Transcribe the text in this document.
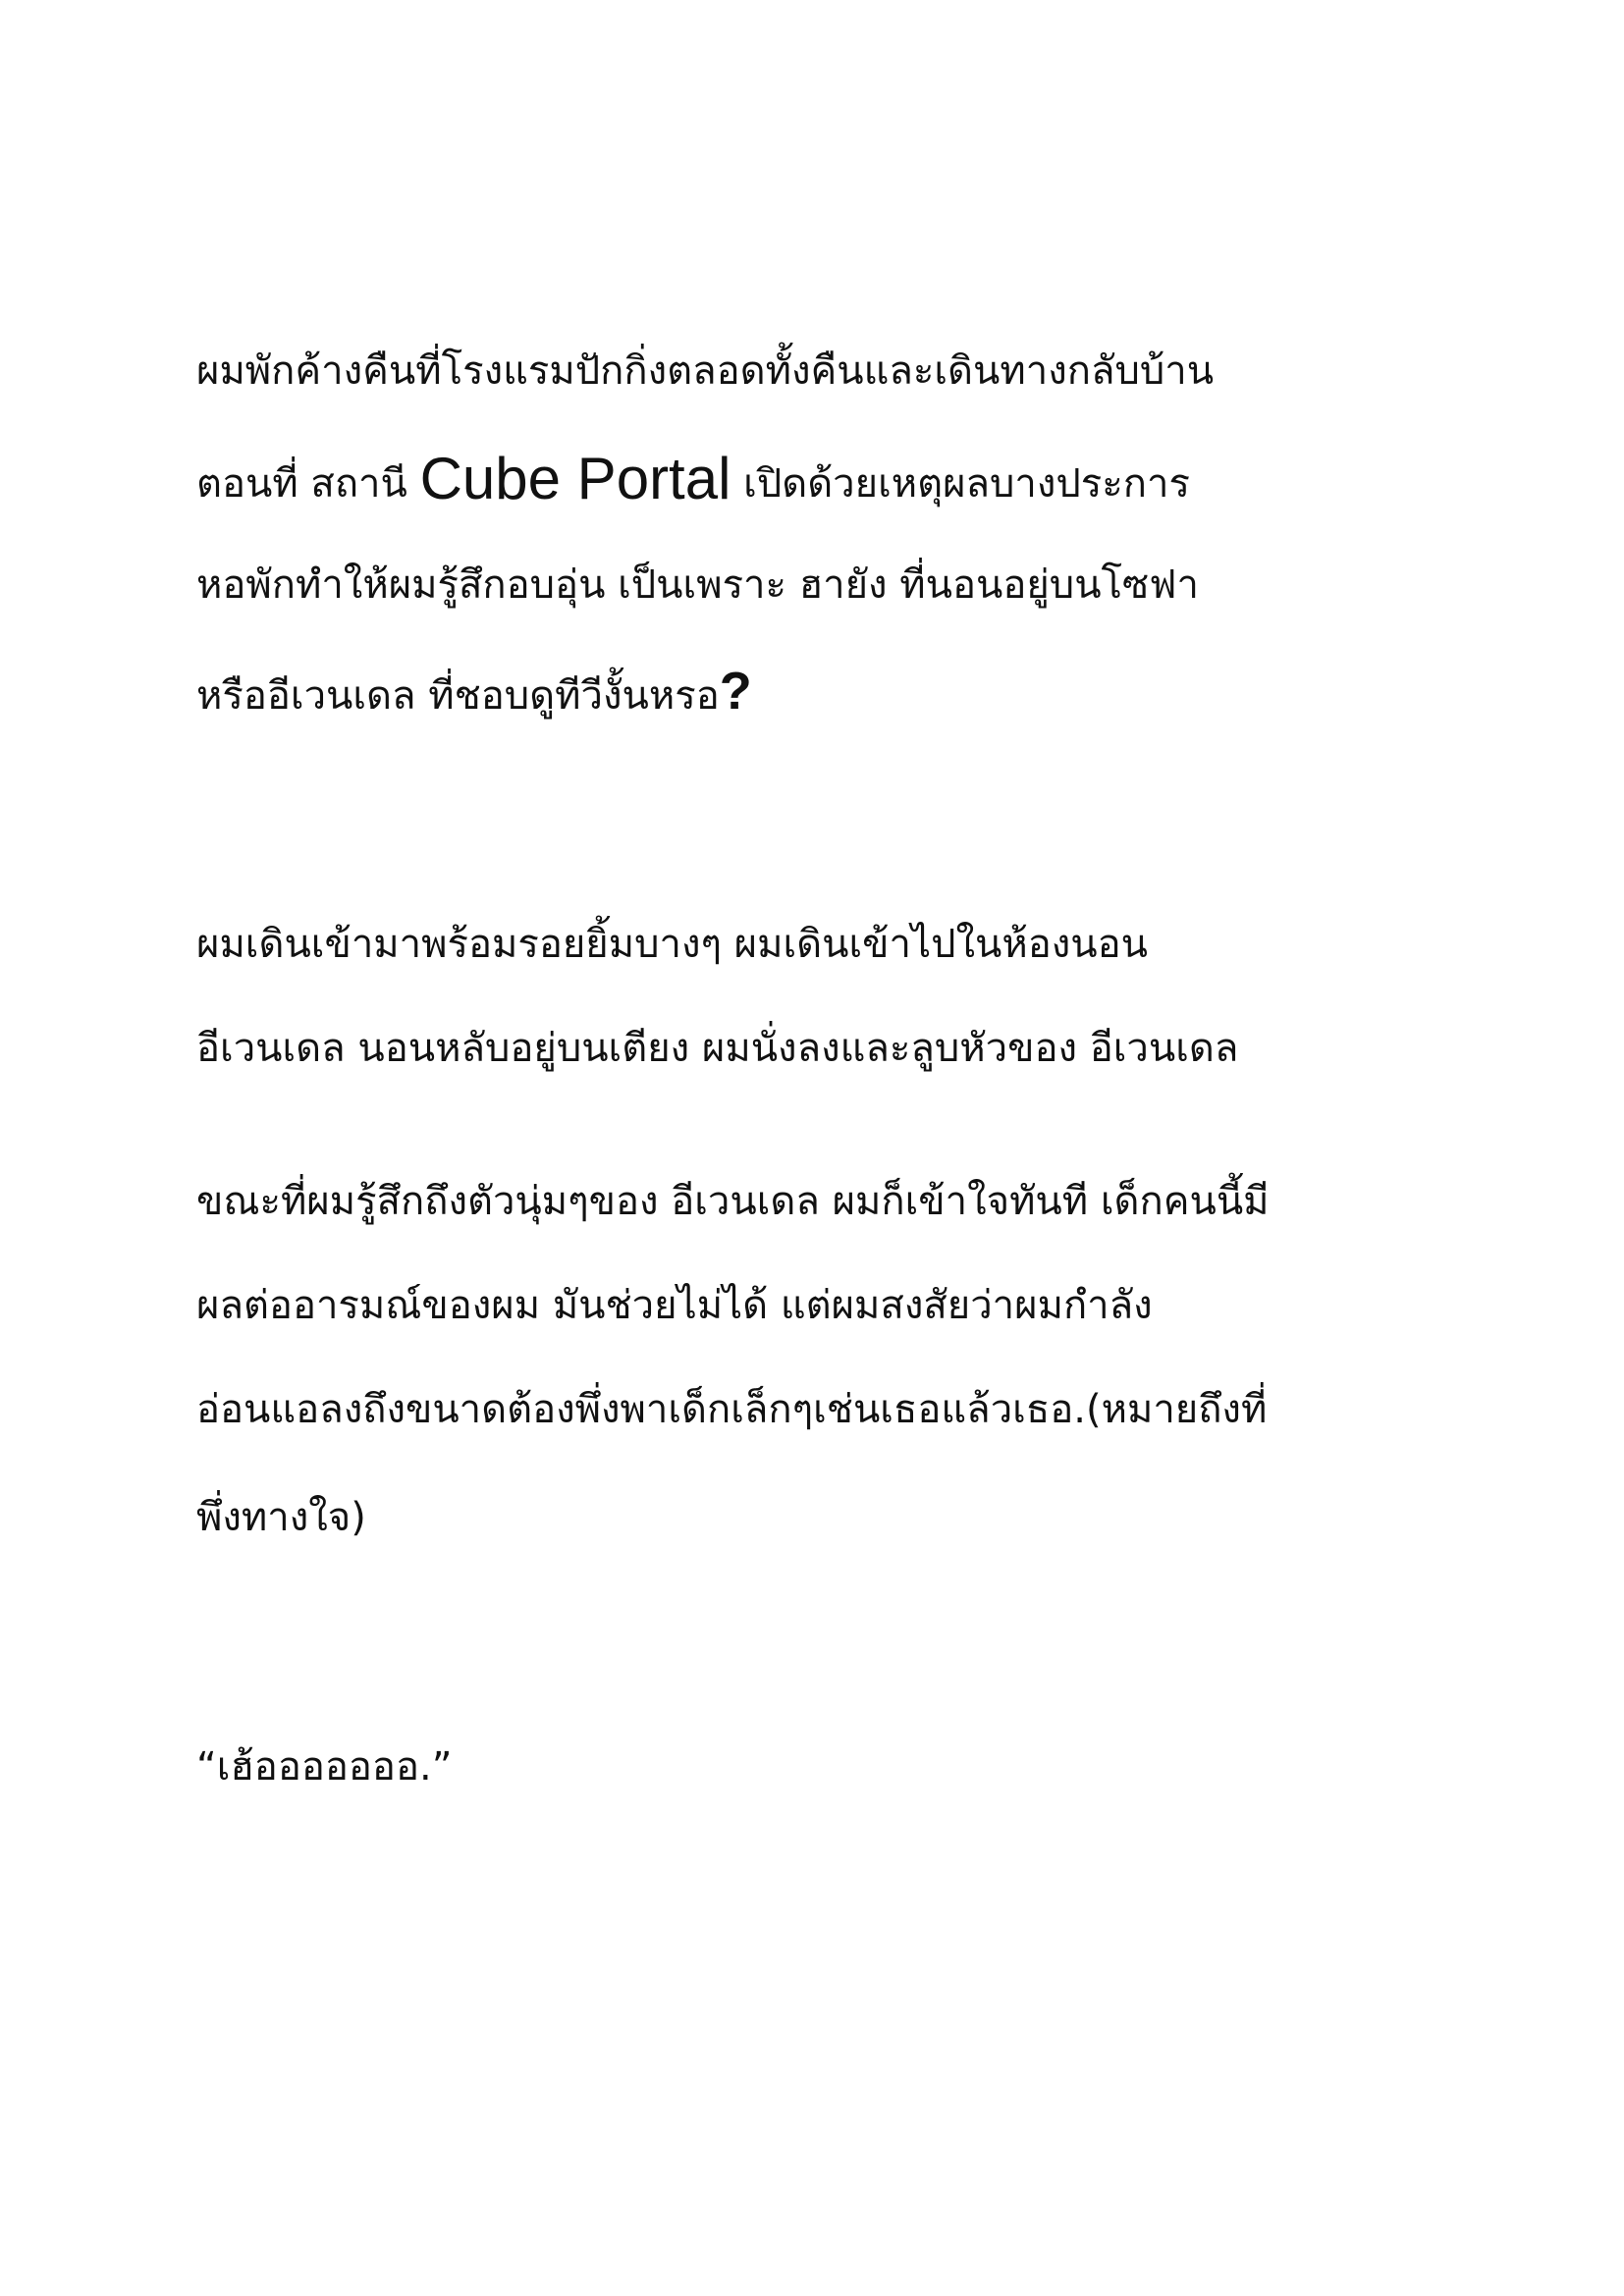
ผมพักค้างคืนที่โรงแรมปักกิ่งตลอดทั้งคืนและเดินทางกลับบ้าน

ตอนที่ สถานี Cube Portal เปิดด้วยเหตุผลบางประการ

หอพักทำให้ผมรู้สึกอบอุ่น เป็นเพราะ ฮายัง ที่นอนอยู่บนโซฟา

หรืออีเวนเดล ที่ชอบดูทีวีงั้นหรอ?

ผมเดินเข้ามาพร้อมรอยยิ้มบางๆ ผมเดินเข้าไปในห้องนอน

อีเวนเดล นอนหลับอยู่บนเตียง ผมนั่งลงและลูบหัวของ อีเวนเดล

ขณะที่ผมรู้สึกถึงตัวนุ่มๆของ อีเวนเดล ผมก็เข้าใจทันที เด็กคนนี้มี

ผลต่ออารมณ์ของผม มันช่วยไม่ได้ แต่ผมสงสัยว่าผมกำลัง

อ่อนแอลงถึงขนาดต้องพึ่งพาเด็กเล็กๆเช่นเธอแล้วเธอ.(หมายถึงที่

พึ่งทางใจ)

“เฮ้อออออออ.”
